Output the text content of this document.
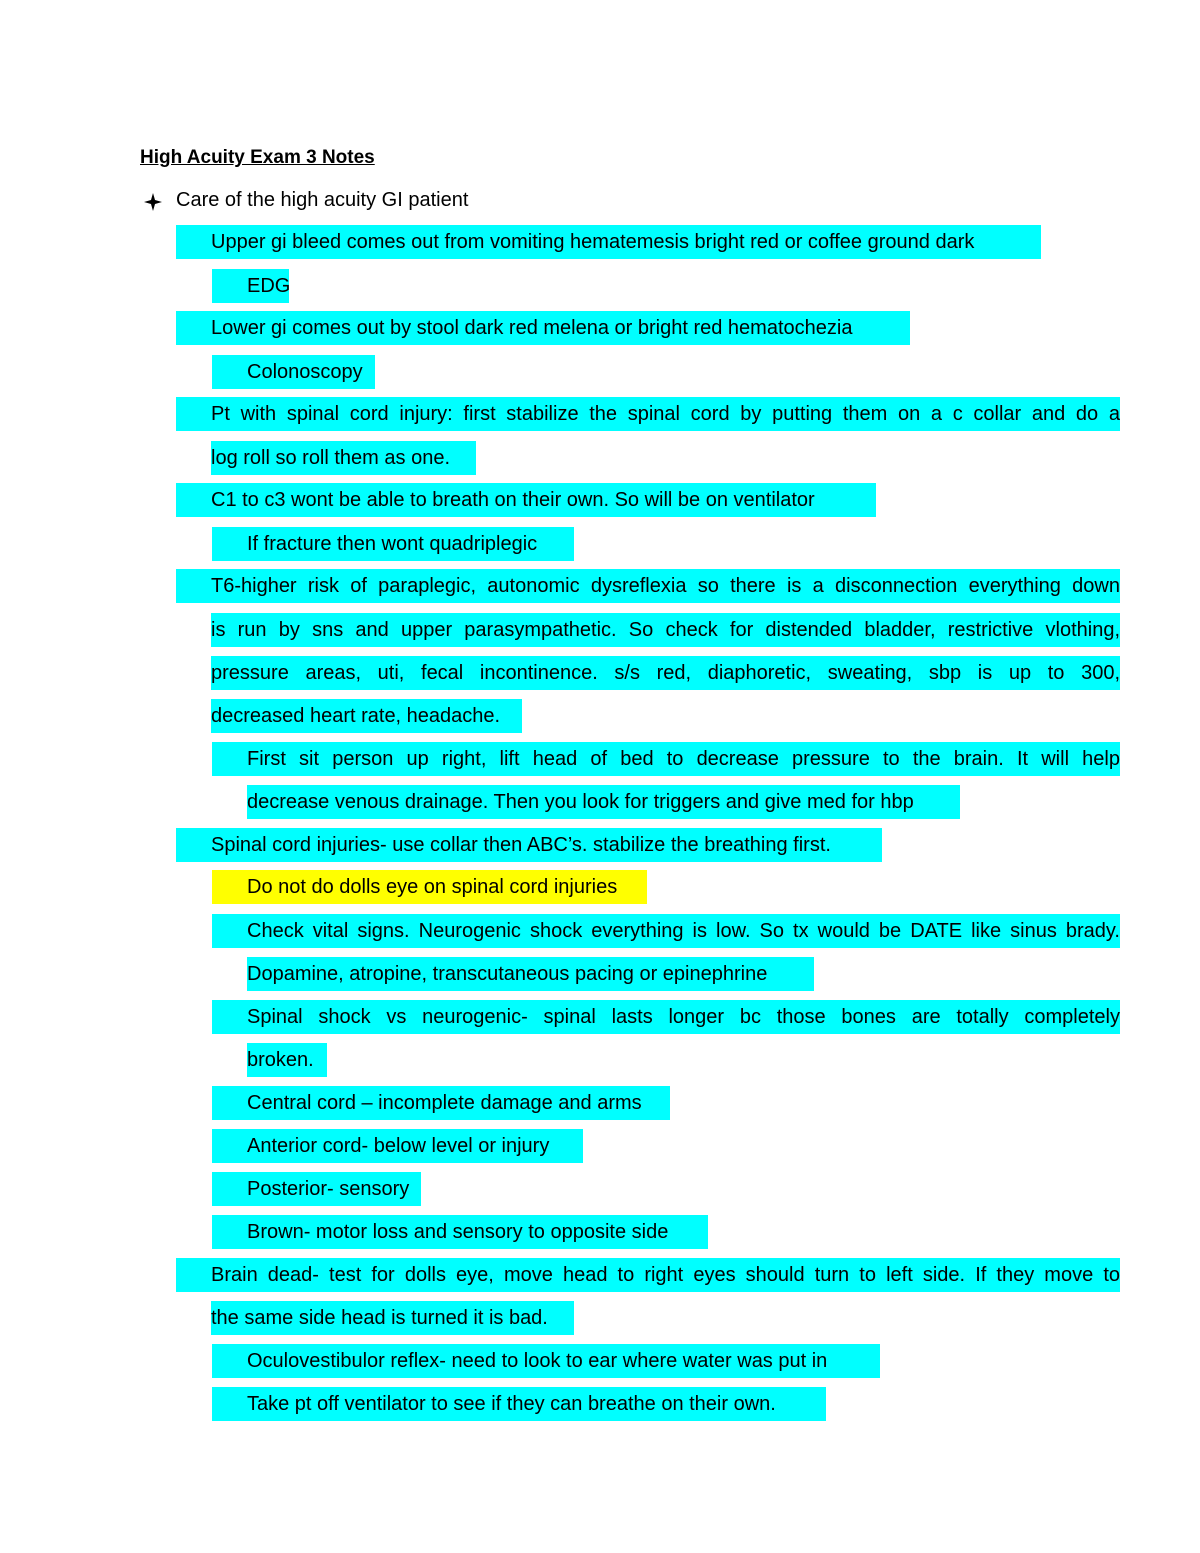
High Acuity Exam 3 Notes
Care of the high acuity GI patient
Upper gi bleed comes out from vomiting hematemesis bright red or coffee ground dark
EDG
Lower gi comes out by stool dark red melena or bright red hematochezia
Colonoscopy
Pt with spinal cord injury: first stabilize the spinal cord by putting them on a c collar and do a
log roll so roll them as one.
C1 to c3 wont be able to breath on their own. So will be on ventilator
If fracture then wont quadriplegic
T6-higher risk of paraplegic, autonomic dysreflexia so there is a disconnection everything down
is run by sns and upper parasympathetic. So check for distended bladder, restrictive vlothing,
pressure areas, uti, fecal incontinence. s/s red, diaphoretic, sweating, sbp is up to 300,
decreased heart rate, headache.
First sit person up right, lift head of bed to decrease pressure to the brain. It will help
decrease venous drainage. Then you look for triggers and give med for hbp
Spinal cord injuries- use collar then ABC’s. stabilize the breathing first.
Do not do dolls eye on spinal cord injuries
Check vital signs. Neurogenic shock everything is low. So tx would be DATE like sinus brady.
Dopamine, atropine, transcutaneous pacing or epinephrine
Spinal shock vs neurogenic- spinal lasts longer bc those bones are totally completely
broken.
Central cord – incomplete damage and arms
Anterior cord- below level or injury
Posterior- sensory
Brown- motor loss and sensory to opposite side
Brain dead- test for dolls eye, move head to right eyes should turn to left side. If they move to
the same side head is turned it is bad.
Oculovestibulor reflex- need to look to ear where water was put in
Take pt off ventilator to see if they can breathe on their own.
